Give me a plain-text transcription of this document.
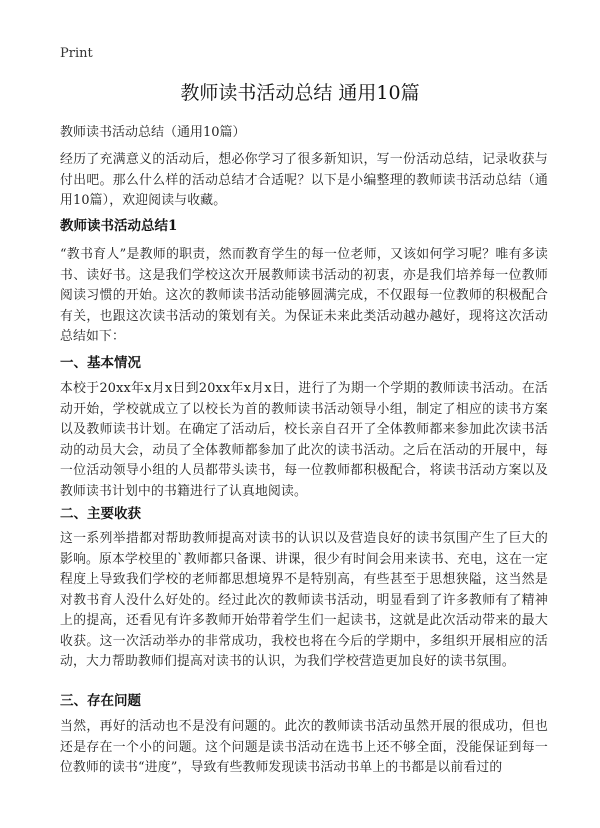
Print
教师读书活动总结 通用10篇
教师读书活动总结（通用10篇）
经历了充满意义的活动后，想必你学习了很多新知识，写一份活动总结，记录收获与付出吧。那么什么样的活动总结才合适呢？以下是小编整理的教师读书活动总结（通用10篇），欢迎阅读与收藏。
教师读书活动总结1
“教书育人”是教师的职责，然而教育学生的每一位老师，又该如何学习呢？唯有多读书、读好书。这是我们学校这次开展教师读书活动的初衷，亦是我们培养每一位教师阅读习惯的开始。这次的教师读书活动能够圆满完成，不仅跟每一位教师的积极配合有关，也跟这次读书活动的策划有关。为保证未来此类活动越办越好，现将这次活动总结如下：
一、基本情况
本校于20xx年x月x日到20xx年x月x日，进行了为期一个学期的教师读书活动。在活动开始，学校就成立了以校长为首的教师读书活动领导小组，制定了相应的读书方案以及教师读书计划。在确定了活动后，校长亲自召开了全体教师都来参加此次读书活动的动员大会，动员了全体教师都参加了此次的读书活动。之后在活动的开展中，每一位活动领导小组的人员都带头读书，每一位教师都积极配合，将读书活动方案以及教师读书计划中的书籍进行了认真地阅读。
二、主要收获
这一系列举措都对帮助教师提高对读书的认识以及营造良好的读书氛围产生了巨大的影响。原本学校里的`教师都只备课、讲课，很少有时间会用来读书、充电，这在一定程度上导致我们学校的老师都思想境界不是特别高，有些甚至于思想狭隘，这当然是对教书育人没什么好处的。经过此次的教师读书活动，明显看到了许多教师有了精神上的提高，还看见有许多教师开始带着学生们一起读书，这就是此次活动带来的最大收获。这一次活动举办的非常成功，我校也将在今后的学期中，多组织开展相应的活动，大力帮助教师们提高对读书的认识，为我们学校营造更加良好的读书氛围。
三、存在问题
当然，再好的活动也不是没有问题的。此次的教师读书活动虽然开展的很成功，但也还是存在一个小的问题。这个问题是读书活动在选书上还不够全面，没能保证到每一位教师的读书“进度”，导致有些教师发现读书活动书单上的书都是以前看过的
